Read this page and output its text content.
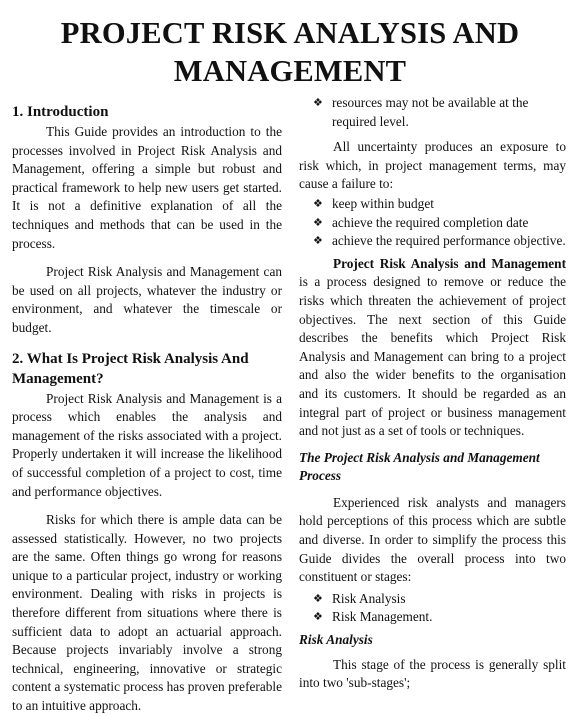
PROJECT RISK ANALYSIS AND
MANAGEMENT
1. Introduction

This Guide provides an introduction to the processes involved in Project Risk Analysis and Management, offering a simple but robust and practical framework to help new users get started. It is not a definitive explanation of all the techniques and methods that can be used in the process.

Project Risk Analysis and Management can be used on all projects, whatever the industry or environment, and whatever the timescale or budget.

2. What Is Project Risk Analysis And Management?

Project Risk Analysis and Management is a process which enables the analysis and management of the risks associated with a project. Properly undertaken it will increase the likelihood of successful completion of a project to cost, time and performance objectives.

Risks for which there is ample data can be assessed statistically. However, no two projects are the same. Often things go wrong for reasons unique to a particular project, industry or working environment. Dealing with risks in projects is therefore different from situations where there is sufficient data to adopt an actuarial approach. Because projects invariably involve a strong technical, engineering, innovative or strategic content a systematic process has proven preferable to an intuitive approach.

❖ resources may not be available at the required level.

All uncertainty produces an exposure to risk which, in project management terms, may cause a failure to:

❖ keep within budget
❖ achieve the required completion date
❖ achieve the required performance objective.

Project Risk Analysis and Management is a process designed to remove or reduce the risks which threaten the achievement of project objectives. The next section of this Guide describes the benefits which Project Risk Analysis and Management can bring to a project and also the wider benefits to the organisation and its customers. It should be regarded as an integral part of project or business management and not just as a set of tools or techniques.

The Project Risk Analysis and Management Process

Experienced risk analysts and managers hold perceptions of this process which are subtle and diverse. In order to simplify the process this Guide divides the overall process into two constituent or stages:

❖ Risk Analysis
❖ Risk Management.

Risk Analysis

This stage of the process is generally split into two 'sub-stages';
